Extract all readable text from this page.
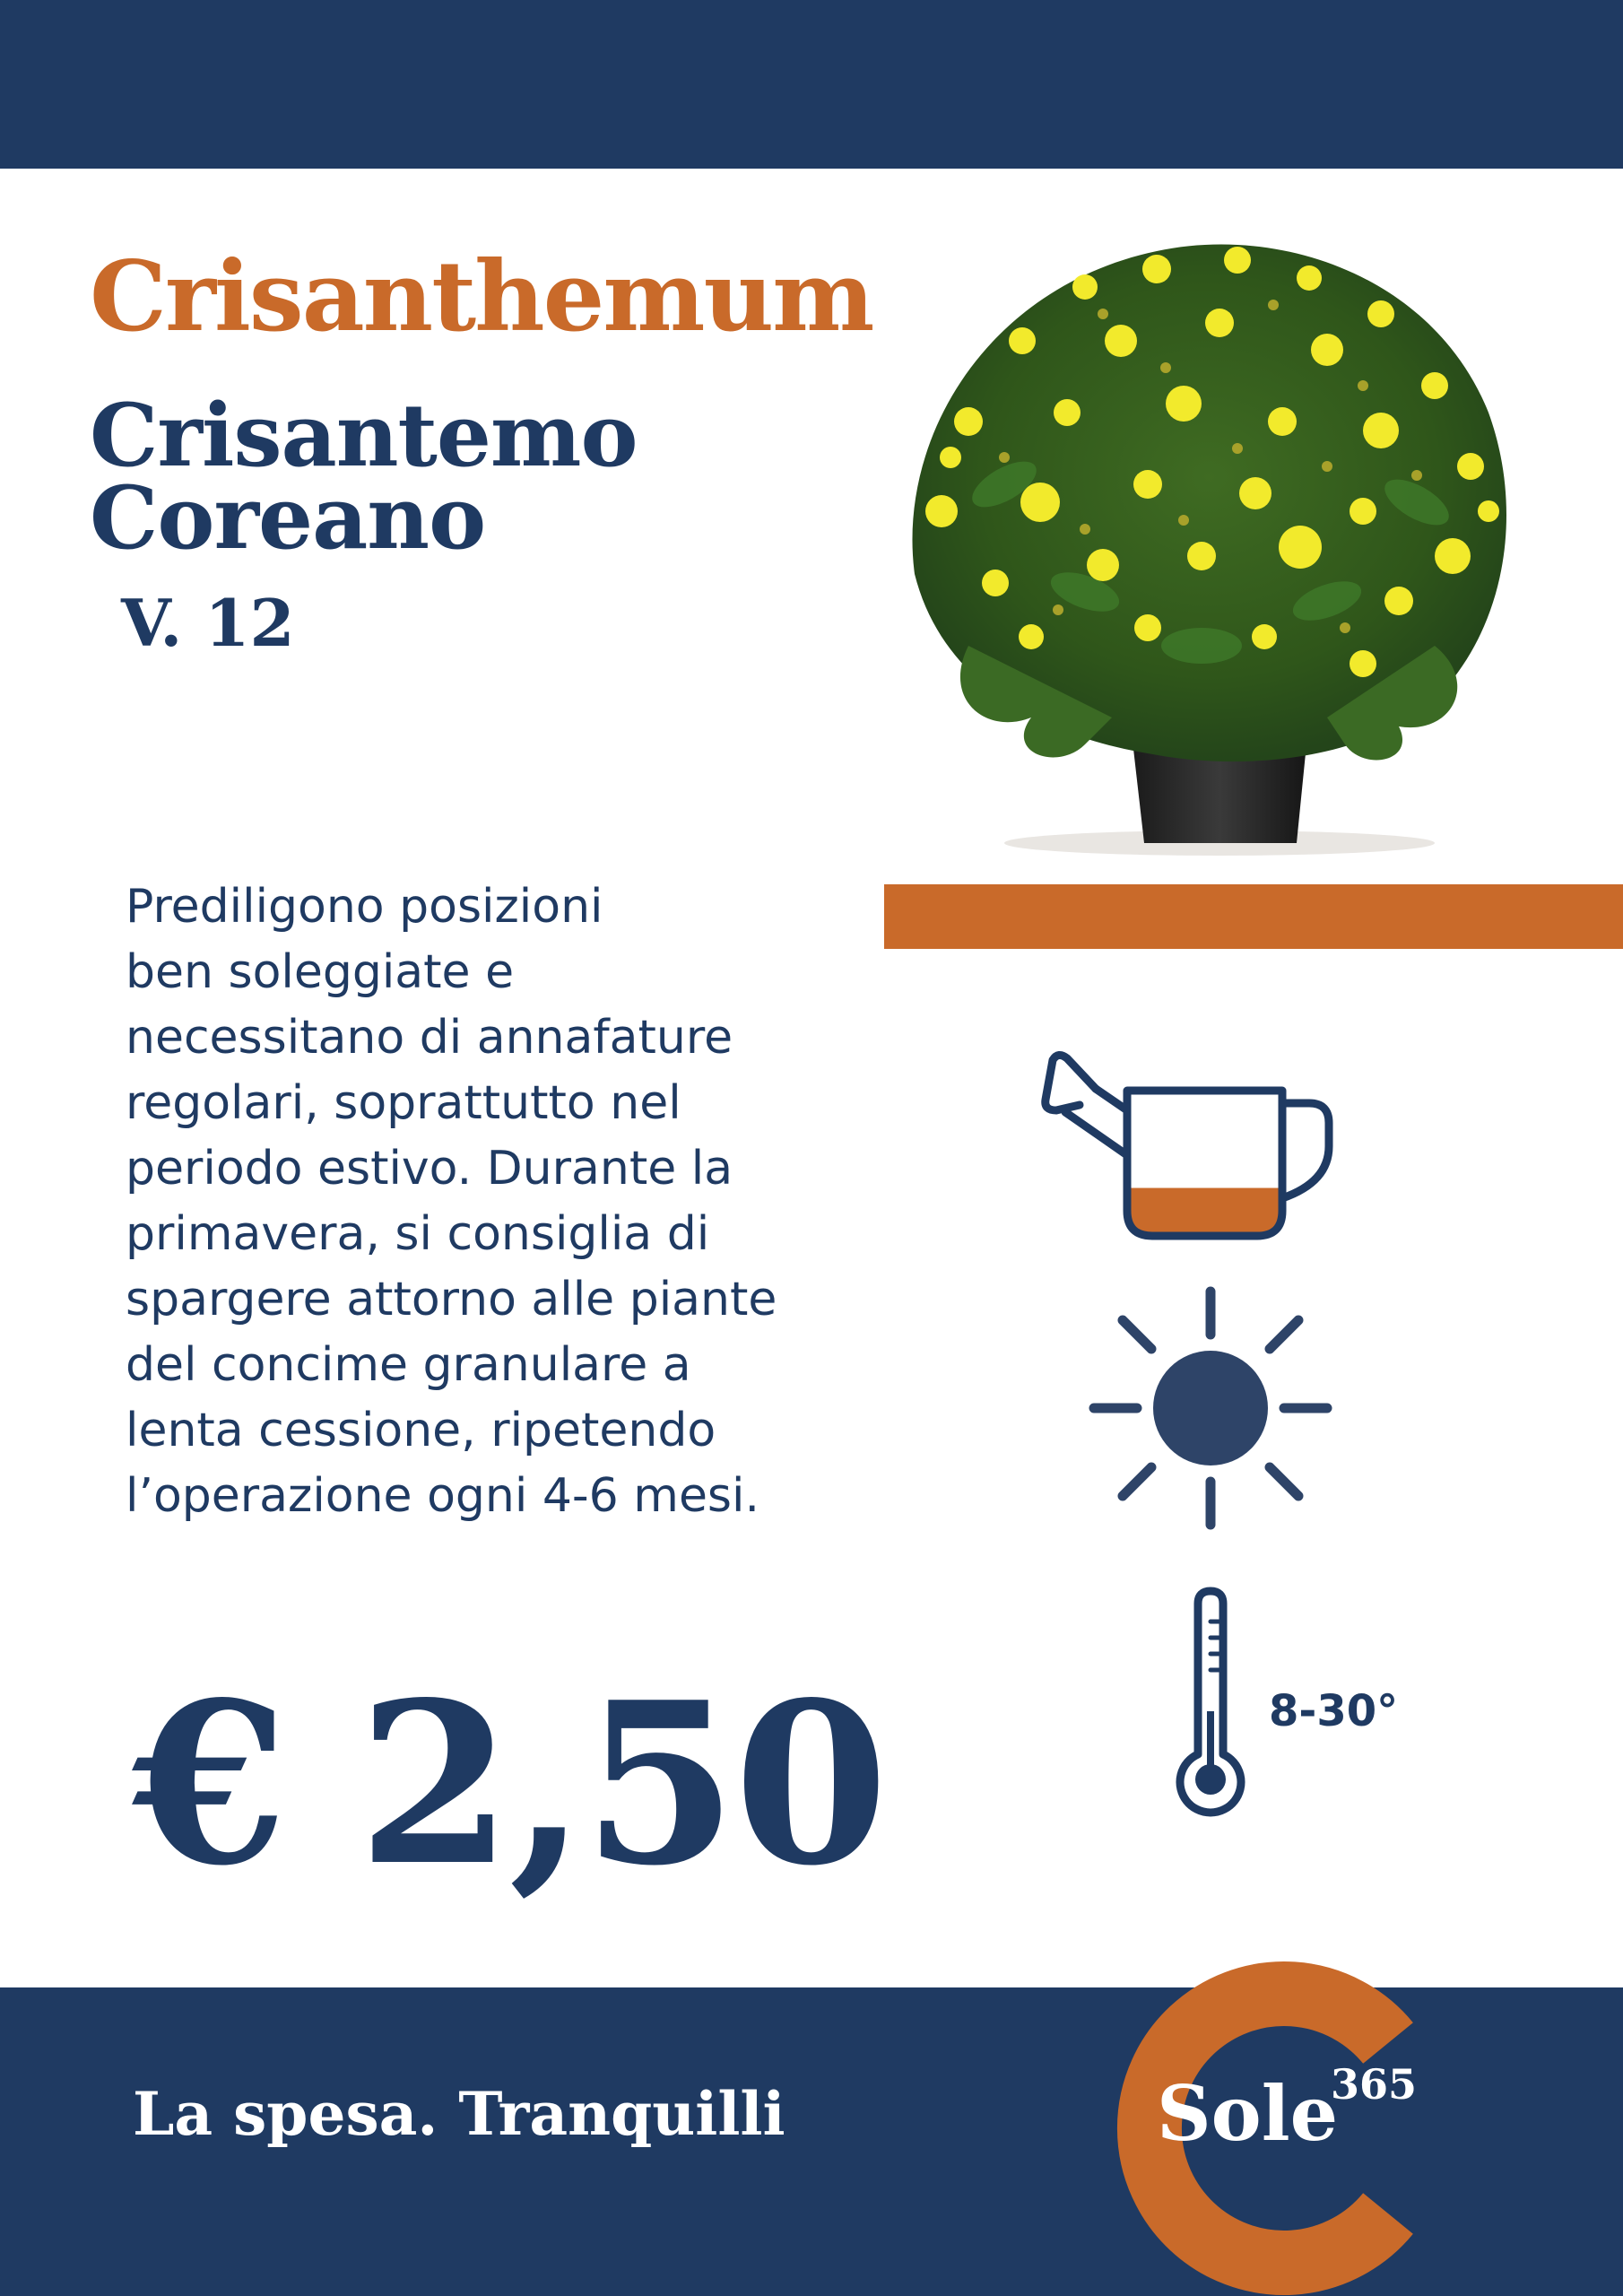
Crisanthemum
Crisantemo
Coreano
V. 12
Prediligono posizioni
ben soleggiate e
necessitano di annafature
regolari, soprattutto nel
periodo estivo. Durante la
primavera, si consiglia di
spargere attorno alle piante
del concime granulare a
lenta cessione, ripetendo
l’operazione ogni 4-6 mesi.
8-30°
€ 2,50
La spesa. Tranquilli	Sole
365
